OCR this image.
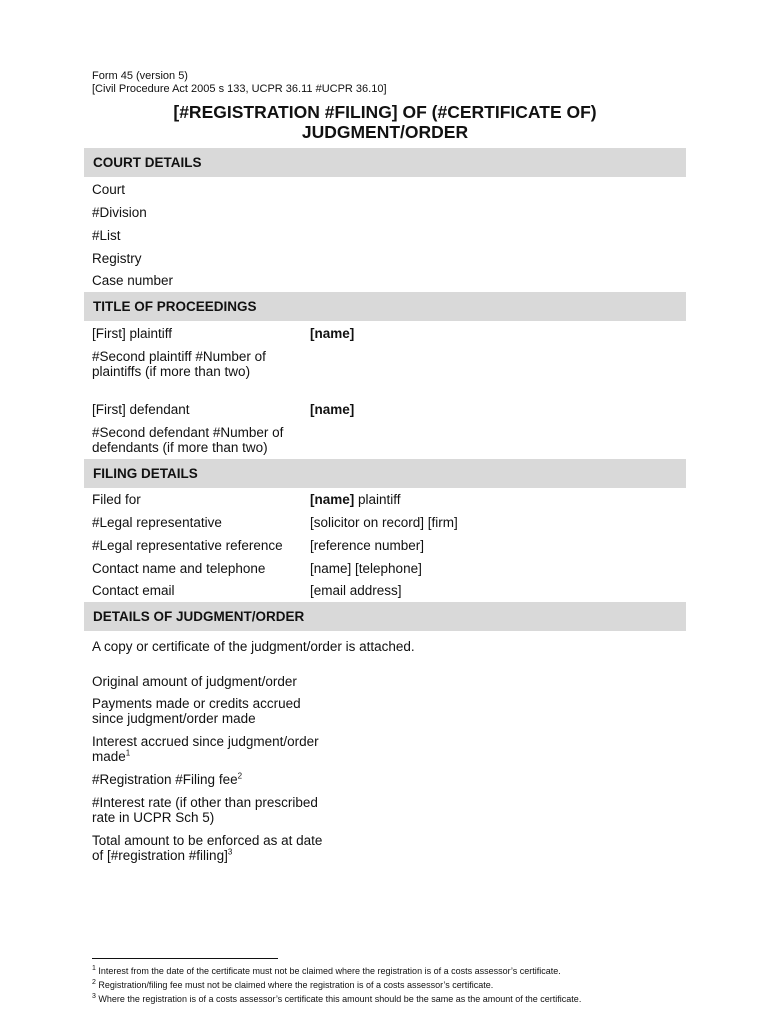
Form 45 (version 5)
[Civil Procedure Act 2005 s 133, UCPR 36.11 #UCPR 36.10]
[#REGISTRATION #FILING] OF (#CERTIFICATE OF)
JUDGMENT/ORDER
COURT DETAILS
Court
#Division
#List
Registry
Case number
TITLE OF PROCEEDINGS
[First] plaintiff	[name]
#Second plaintiff #Number of
plaintiffs (if more than two)
[First] defendant	[name]
#Second defendant #Number of
defendants (if more than two)
FILING DETAILS
Filed for	[name] plaintiff
#Legal representative	[solicitor on record] [firm]
#Legal representative reference	[reference number]
Contact name and telephone	[name] [telephone]
Contact email	[email address]
DETAILS OF JUDGMENT/ORDER
A copy or certificate of the judgment/order is attached.
Original amount of judgment/order
Payments made or credits accrued
since judgment/order made
Interest accrued since judgment/order
made$^1$
#Registration #Filing fee$^2$
#Interest rate (if other than prescribed
rate in UCPR Sch 5)
Total amount to be enforced as at date
of [#registration #filing]$^3$
$^1$ Interest from the date of the certificate must not be claimed where the registration is of a costs assessor’s certificate.
$^2$ Registration/filing fee must not be claimed where the registration is of a costs assessor’s certificate.
$^3$ Where the registration is of a costs assessor’s certificate this amount should be the same as the amount of the certificate.
